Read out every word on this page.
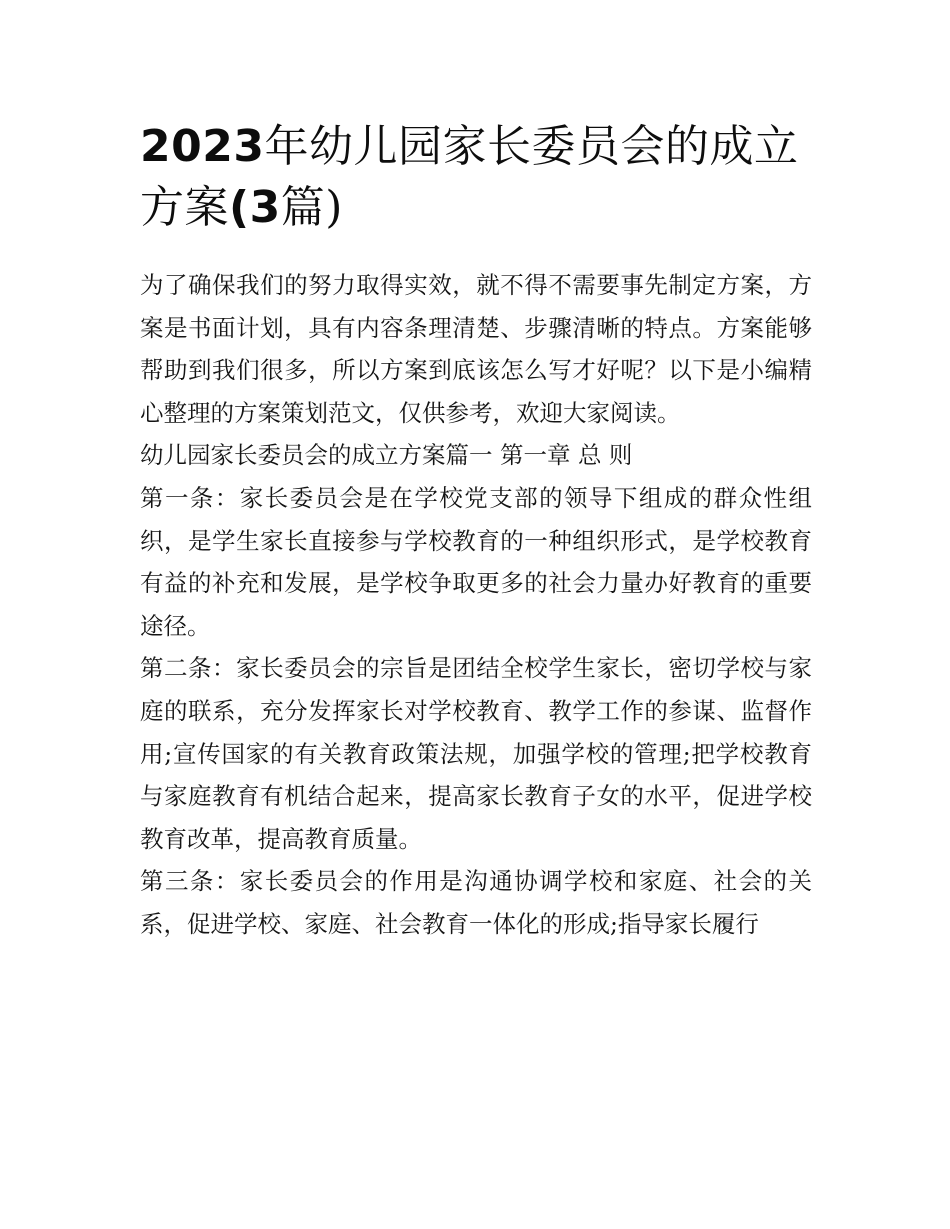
2023年幼儿园家长委员会的成立方案(3篇)

为了确保我们的努力取得实效，就不得不需要事先制定方案，方案是书面计划，具有内容条理清楚、步骤清晰的特点。方案能够帮助到我们很多，所以方案到底该怎么写才好呢？以下是小编精心整理的方案策划范文，仅供参考，欢迎大家阅读。

幼儿园家长委员会的成立方案篇一 第一章 总 则

第一条：家长委员会是在学校党支部的领导下组成的群众性组织，是学生家长直接参与学校教育的一种组织形式，是学校教育有益的补充和发展，是学校争取更多的社会力量办好教育的重要途径。

第二条：家长委员会的宗旨是团结全校学生家长，密切学校与家庭的联系，充分发挥家长对学校教育、教学工作的参谋、监督作用;宣传国家的有关教育政策法规，加强学校的管理;把学校教育与家庭教育有机结合起来，提高家长教育子女的水平，促进学校教育改革，提高教育质量。

第三条：家长委员会的作用是沟通协调学校和家庭、社会的关系，促进学校、家庭、社会教育一体化的形成;指导家长履行
